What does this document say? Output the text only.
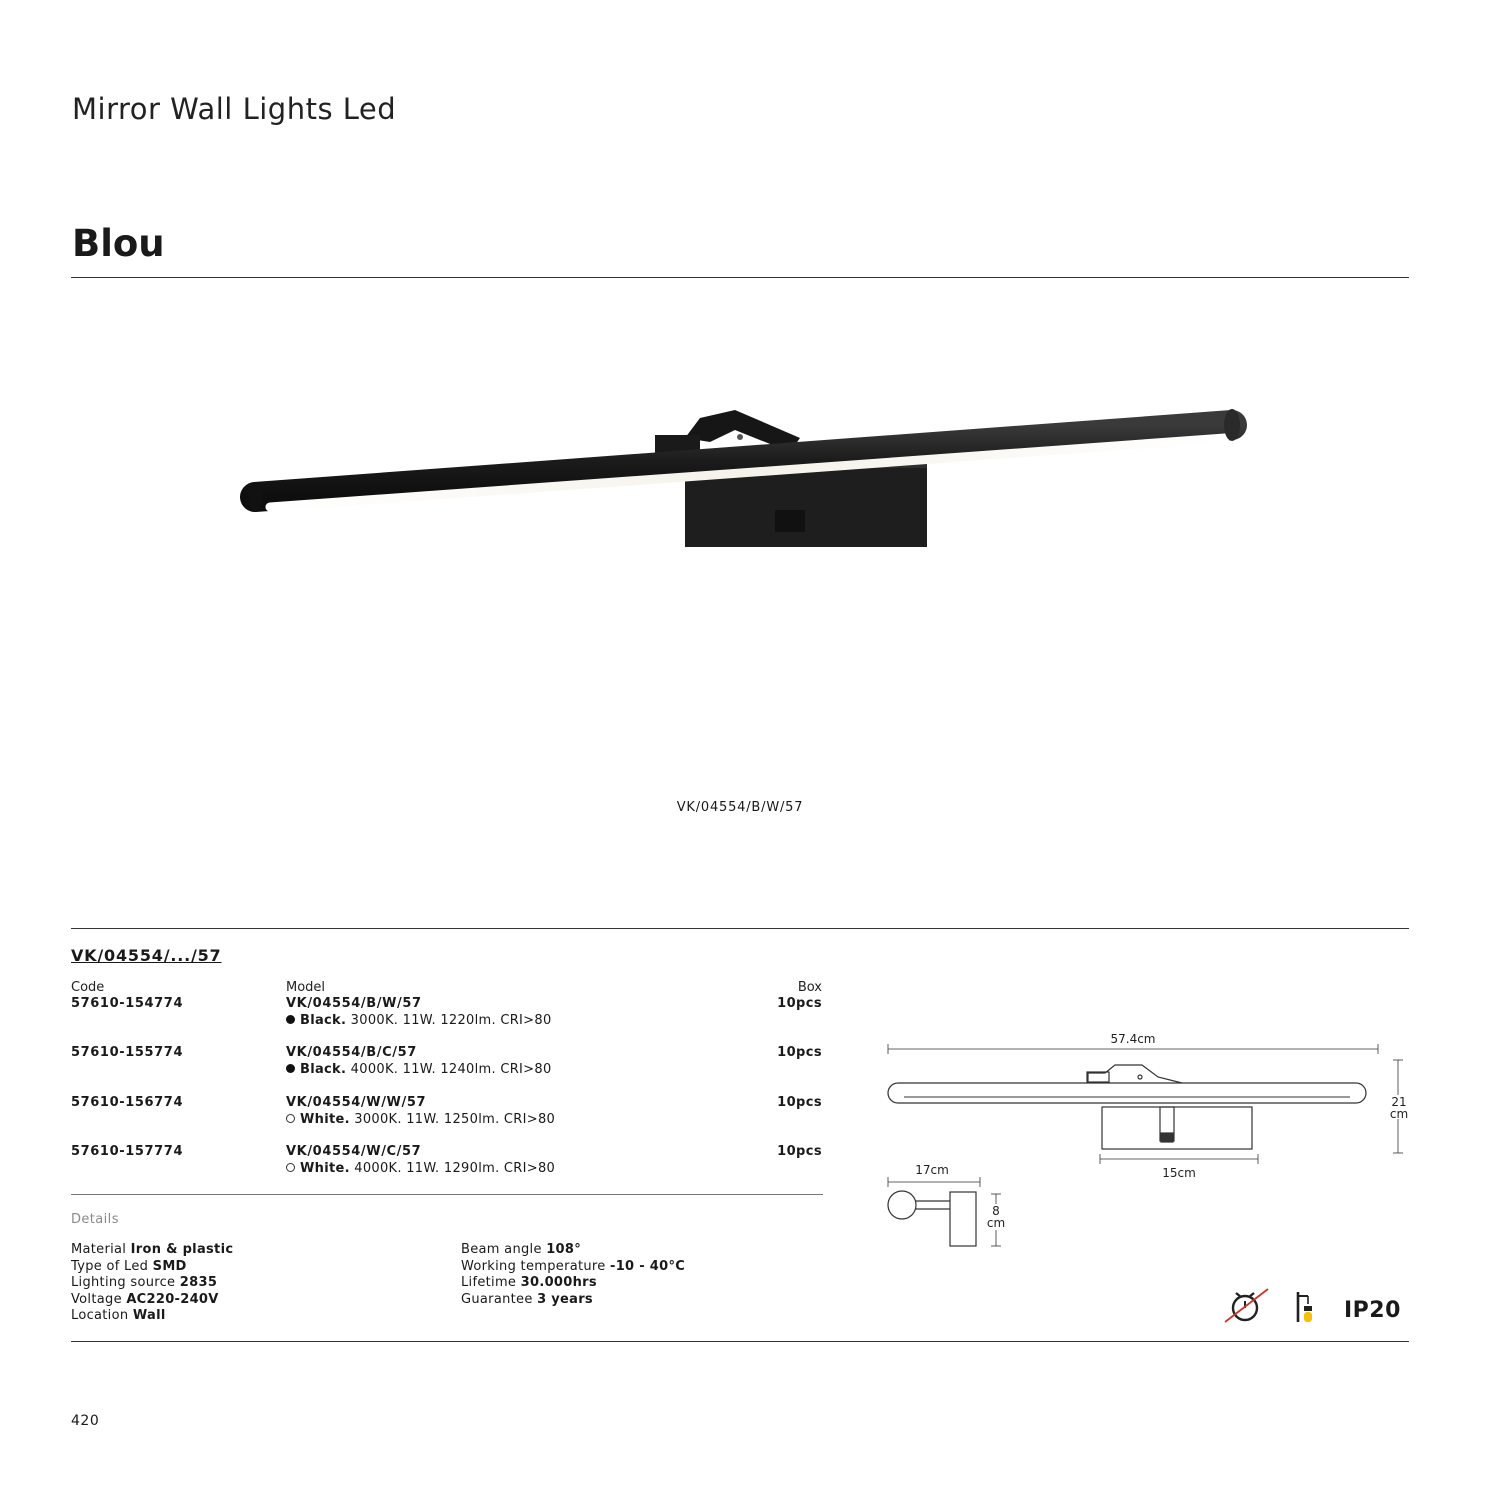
Mirror Wall Lights Led
Blou
VK/04554/B/W/57
VK/04554/.../57
Code	Model	Box
57610-154774	VK/04554/B/W/57	10pcs
Black. 3000K. 11W. 1220lm. CRI>80
57610-155774	VK/04554/B/C/57	10pcs
Black. 4000K. 11W. 1240lm. CRI>80
57610-156774	VK/04554/W/W/57	10pcs
White. 3000K. 11W. 1250lm. CRI>80
57610-157774	VK/04554/W/C/57	10pcs
White. 4000K. 11W. 1290lm. CRI>80
Details
Material Iron & plastic
Type of Led SMD
Lighting source 2835
Voltage AC220-240V
Location Wall
Beam angle 108°
Working temperature -10 - 40°C
Lifetime 30.000hrs
Guarantee 3 years
57.4cm
21
cm
15cm
17cm
8
cm
IP20
420
